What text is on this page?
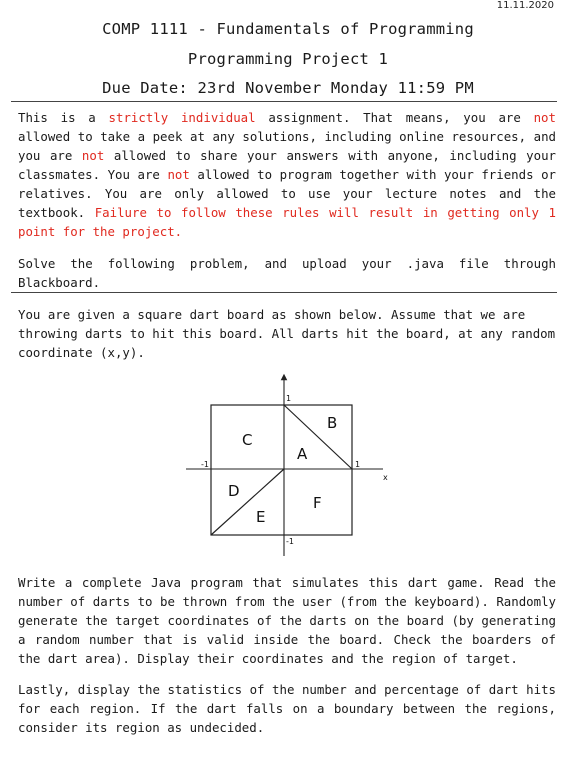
11.11.2020
COMP 1111 - Fundamentals of Programming
Programming Project 1
Due Date: 23rd November Monday 11:59 PM
This is a strictly individual assignment. That means, you are not allowed to take a peek at any solutions, including online resources, and you are not allowed to share your answers with anyone, including your classmates. You are not allowed to program together with your friends or relatives. You are only allowed to use your lecture notes and the textbook. Failure to follow these rules will result in getting only 1 point for the project.
Solve the following problem, and upload your .java file through Blackboard.
You are given a square dart board as shown below. Assume that we are throwing darts to hit this board. All darts hit the board, at any random coordinate (x,y).
C
B
A
D
E
F
1
-1
-1	1
x
Write a complete Java program that simulates this dart game. Read the number of darts to be thrown from the user (from the keyboard). Randomly generate the target coordinates of the darts on the board (by generating a random number that is valid inside the board. Check the boarders of the dart area). Display their coordinates and the region of target.
Lastly, display the statistics of the number and percentage of dart hits for each region. If the dart falls on a boundary between the regions, consider its region as undecided.
